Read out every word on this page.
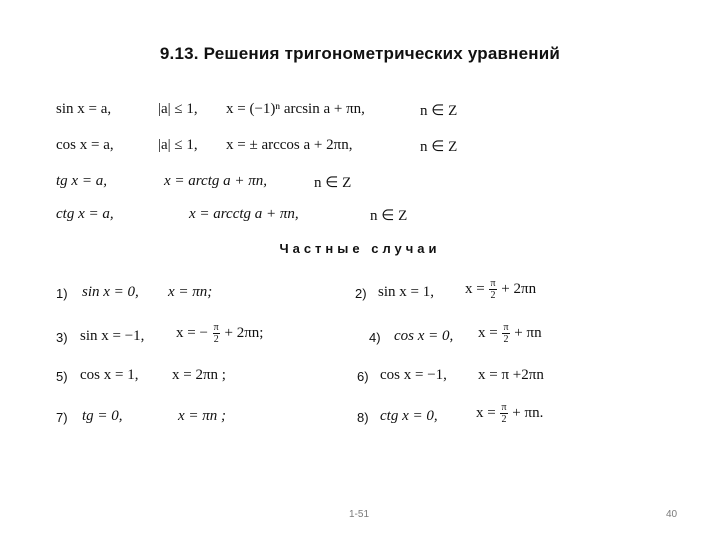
9.13. Решения тригонометрических уравнений
sin x = a,	|a| ≤ 1, x = (−1)ⁿ arcsin a + πn,	n ∈ Z
cos x = a,	|a| ≤ 1, x = ± arccos a + 2πn,	n ∈ Z
tg x = a,	x = arctg a + πn,	n ∈ Z
ctg x = a,	x = arcctg a + πn,	n ∈ Z
Частные случаи
1) sin x = 0, x = πn;	2) sin x = 1, $x = \frac{\pi}{2} + 2\pi n$
3) sin x = −1, x = − $\frac{\pi}{2} + 2\pi n$;	4) cos x = 0, $x = \frac{\pi}{2} + \pi n$
5) cos x = 1, x = 2πn ;	6) cos x = −1, x = π +2πn
7) tg = 0,	x = πn ;	8) ctg x = 0,	$x = \frac{\pi}{2} + \pi n$.
1-51	40
